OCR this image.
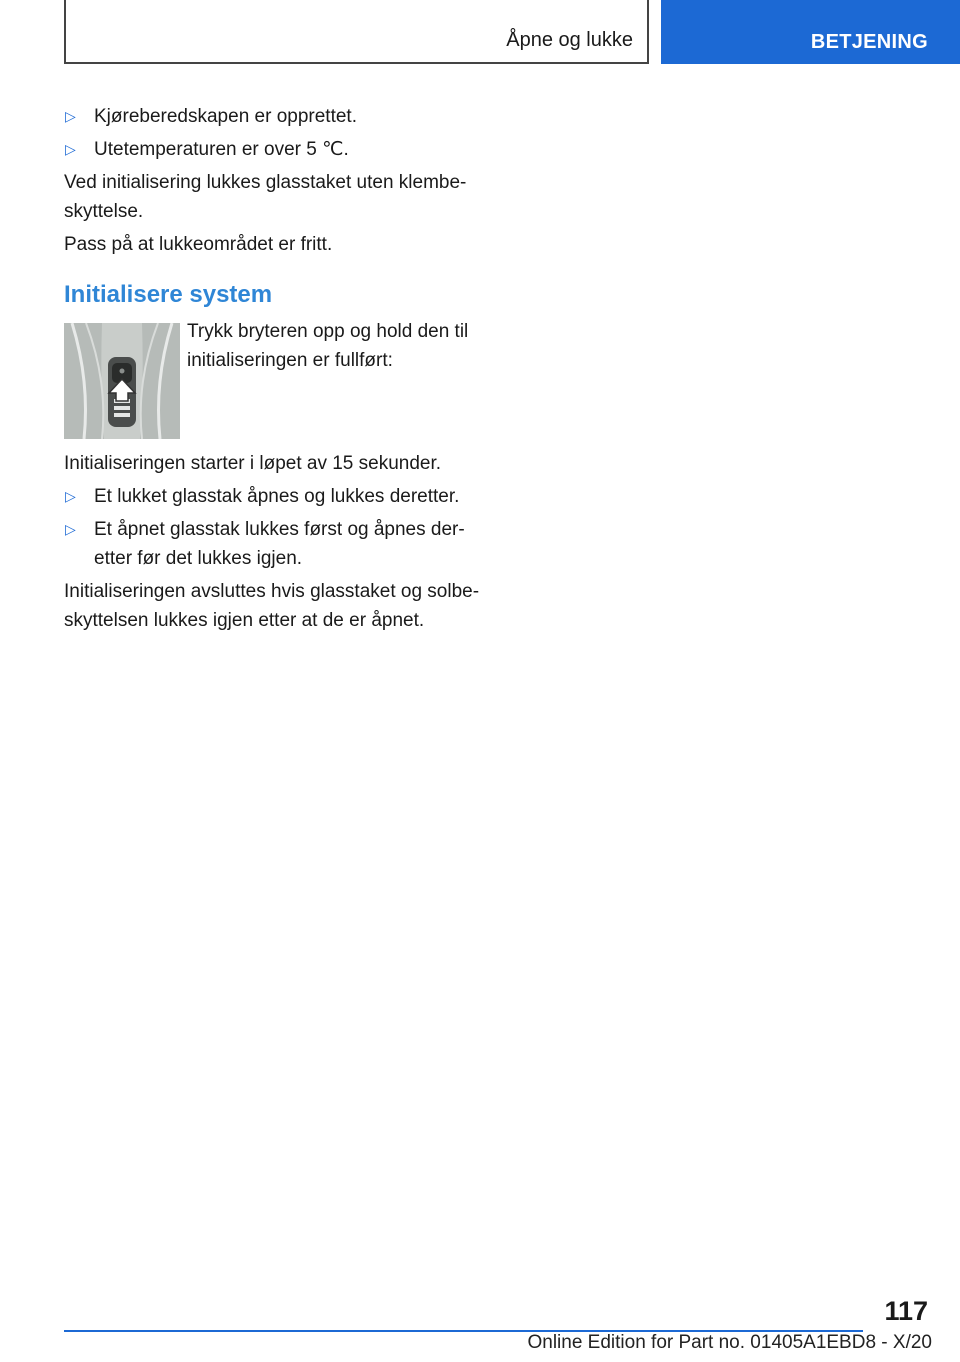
Åpne og lukke	BETJENING
▷ Kjøreberedskapen er opprettet.
▷ Utetemperaturen er over 5 ℃.

Ved initialisering lukkes glasstaket uten klembe-skyttelse.

Pass på at lukkeområdet er fritt.

Initialisere system
Trykk bryteren opp og hold den til initialiseringen er fullført:

Initialiseringen starter i løpet av 15 sekunder.

▷ Et lukket glasstak åpnes og lukkes deretter.
▷ Et åpnet glasstak lukkes først og åpnes der-etter før det lukkes igjen.

Initialiseringen avsluttes hvis glasstaket og solbe-skyttelsen lukkes igjen etter at de er åpnet.

117
Online Edition for Part no. 01405A1EBD8 - X/20
